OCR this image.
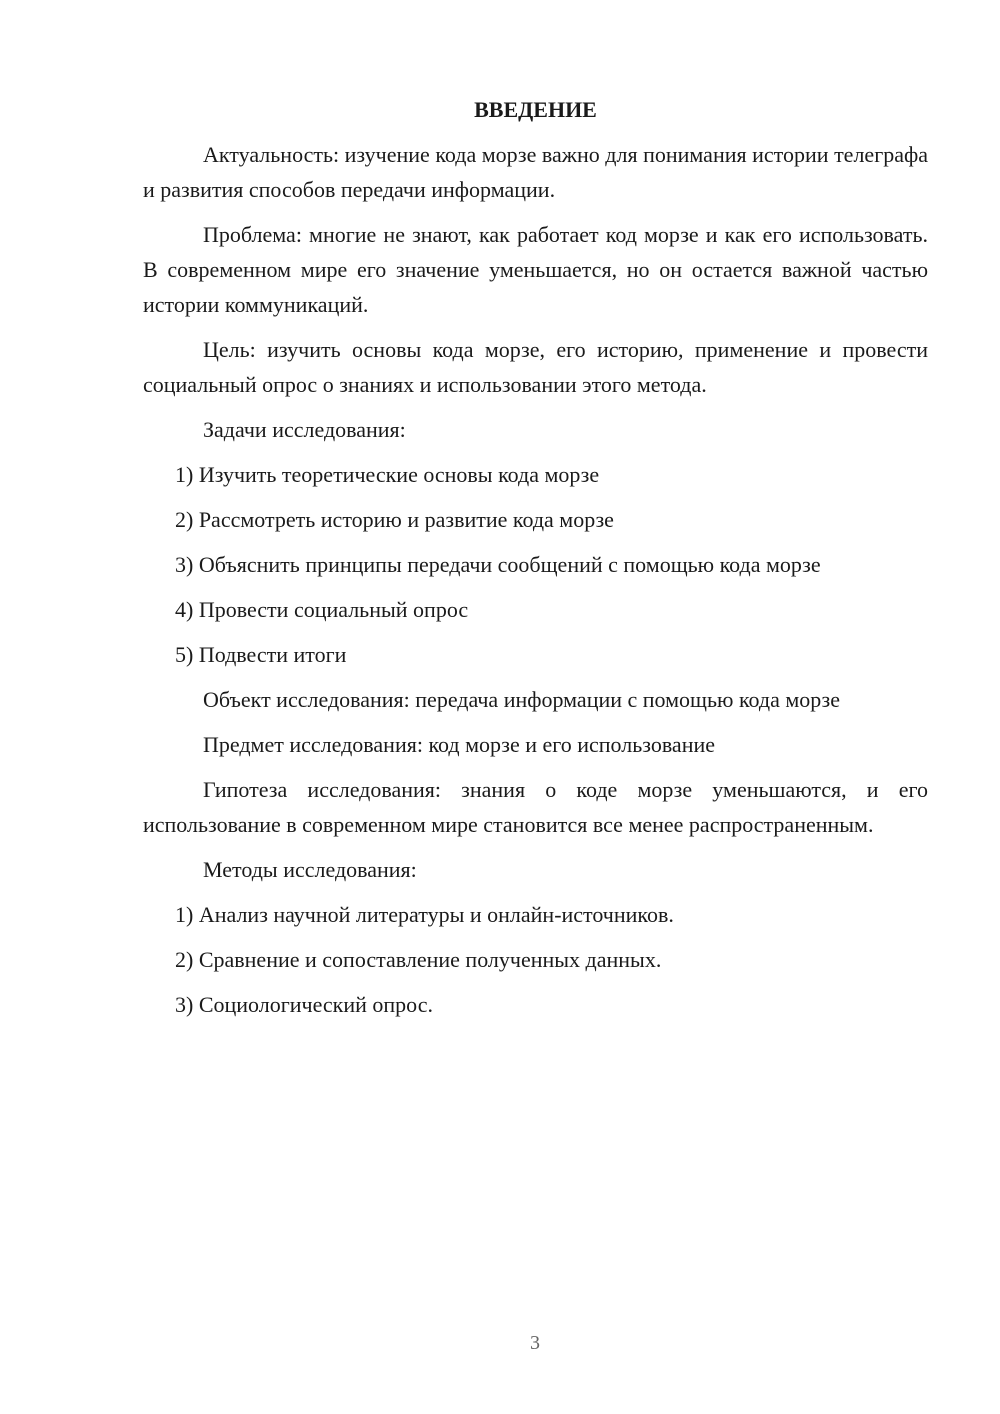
ВВЕДЕНИЕ
Актуальность: изучение кода морзе важно для понимания истории телеграфа и развития способов передачи информации.
Проблема: многие не знают, как работает код морзе и как его использовать. В современном мире его значение уменьшается, но он остается важной частью истории коммуникаций.
Цель: изучить основы кода морзе, его историю, применение и провести социальный опрос о знаниях и использовании этого метода.
Задачи исследования:
1) Изучить теоретические основы кода морзе
2) Рассмотреть историю и развитие кода морзе
3) Объяснить принципы передачи сообщений с помощью кода морзе
4) Провести социальный опрос
5) Подвести итоги
Объект исследования: передача информации с помощью кода морзе
Предмет исследования: код морзе и его использование
Гипотеза исследования: знания о коде морзе уменьшаются, и его использование в современном мире становится все менее распространенным.
Методы исследования:
1) Анализ научной литературы и онлайн-источников.
2) Сравнение и сопоставление полученных данных.
3) Социологический опрос.
3
